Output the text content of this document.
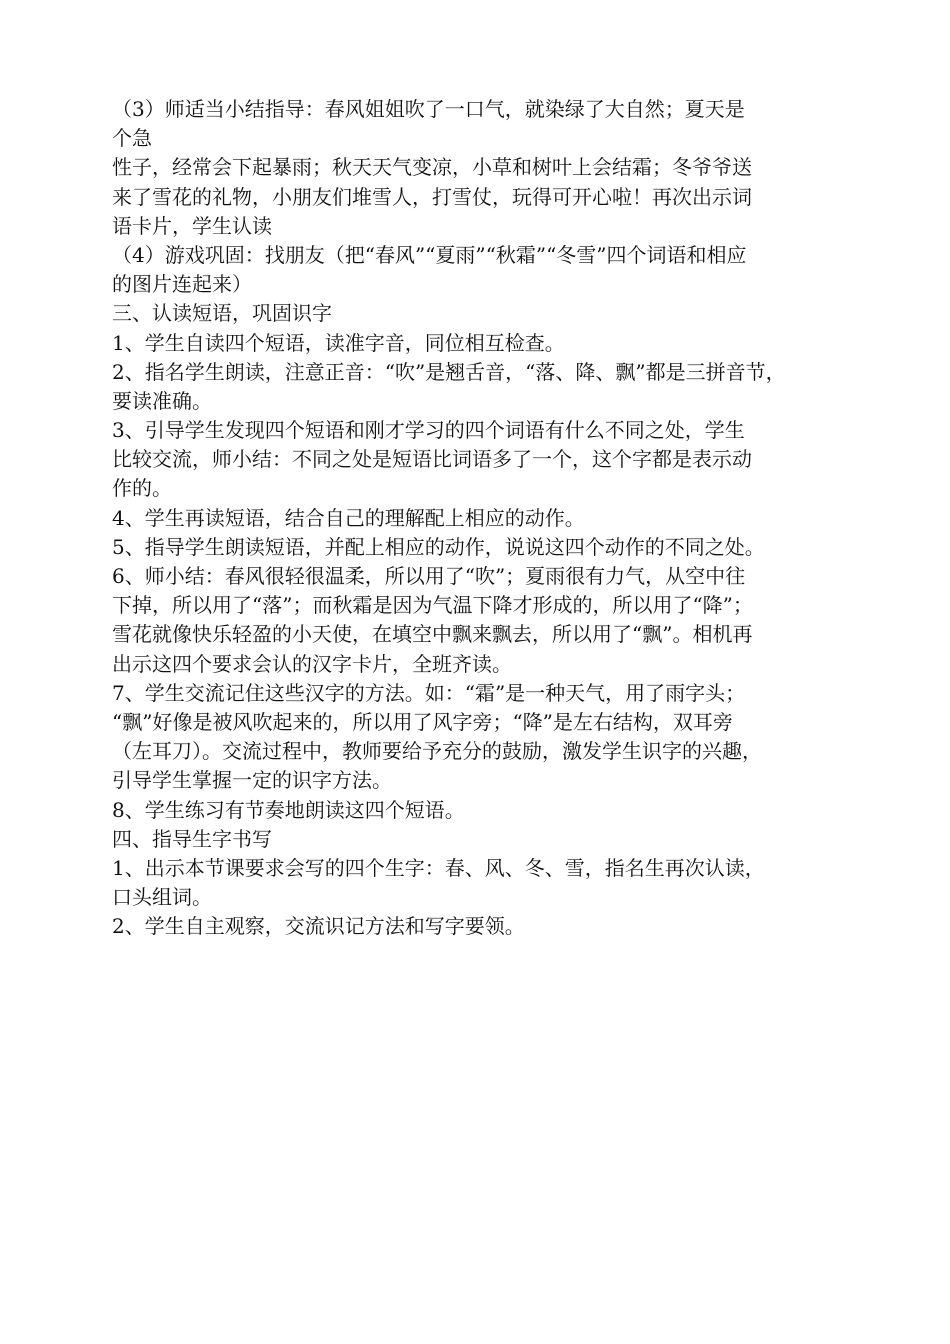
（3）师适当小结指导：春风姐姐吹了一口气，就染绿了大自然；夏天是
个急
性子，经常会下起暴雨；秋天天气变凉，小草和树叶上会结霜；冬爷爷送
来了雪花的礼物，小朋友们堆雪人，打雪仗，玩得可开心啦！再次出示词
语卡片，学生认读
（4）游戏巩固：找朋友（把“春风”“夏雨”“秋霜”“冬雪”四个词语和相应
的图片连起来）
三、认读短语，巩固识字
1、学生自读四个短语，读准字音，同位相互检查。
2、指名学生朗读，注意正音：“吹”是翘舌音，“落、降、飘”都是三拼音节，
要读准确。
3、引导学生发现四个短语和刚才学习的四个词语有什么不同之处，学生
比较交流，师小结：不同之处是短语比词语多了一个，这个字都是表示动
作的。
4、学生再读短语，结合自己的理解配上相应的动作。
5、指导学生朗读短语，并配上相应的动作，说说这四个动作的不同之处。
6、师小结：春风很轻很温柔，所以用了“吹”；夏雨很有力气，从空中往
下掉，所以用了“落”；而秋霜是因为气温下降才形成的，所以用了“降”；
雪花就像快乐轻盈的小天使，在填空中飘来飘去，所以用了“飘”。相机再
出示这四个要求会认的汉字卡片，全班齐读。
7、学生交流记住这些汉字的方法。如：“霜”是一种天气，用了雨字头；
“飘”好像是被风吹起来的，所以用了风字旁；“降”是左右结构，双耳旁
（左耳刀）。交流过程中，教师要给予充分的鼓励，激发学生识字的兴趣，
引导学生掌握一定的识字方法。
8、学生练习有节奏地朗读这四个短语。
四、指导生字书写
1、出示本节课要求会写的四个生字：春、风、冬、雪，指名生再次认读，
口头组词。
2、学生自主观察，交流识记方法和写字要领。
